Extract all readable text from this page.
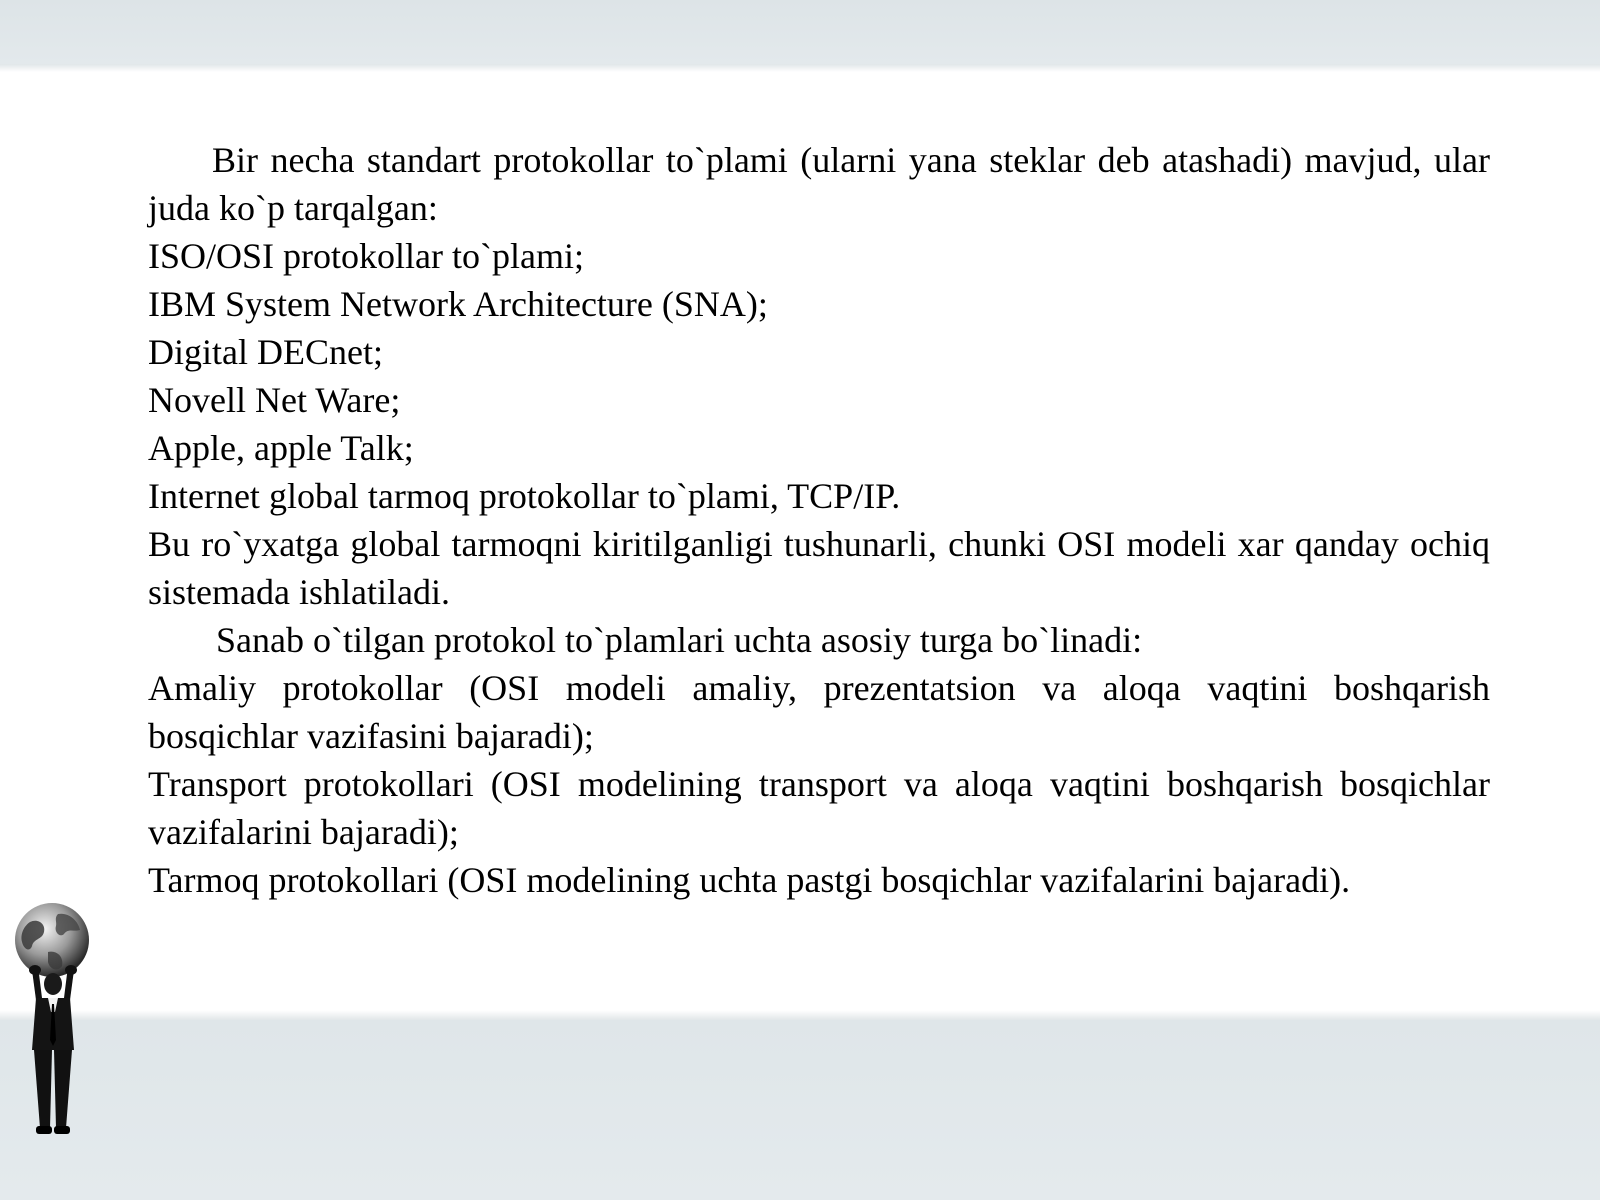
Bir necha standart protokollar to`plami (ularni yana steklar deb atashadi) mavjud, ular juda ko`p tarqalgan:

ISO/OSI protokollar to`plami;

IBM System Network Architecture (SNA);

Digital DECnet;

Novell Net Ware;

Apple, apple Talk;

Internet global tarmoq protokollar to`plami, TCP/IP.

Bu ro`yxatga global tarmoqni kiritilganligi tushunarli, chunki OSI modeli xar qanday ochiq sistemada ishlatiladi.

Sanab o`tilgan protokol to`plamlari uchta asosiy turga bo`linadi:

Amaliy protokollar (OSI modeli amaliy, prezentatsion va aloqa vaqtini boshqarish bosqichlar vazifasini bajaradi);

Transport protokollari (OSI modelining transport va aloqa vaqtini boshqarish bosqichlar vazifalarini bajaradi);

Tarmoq protokollari (OSI modelining uchta pastgi bosqichlar vazifalarini bajaradi).
